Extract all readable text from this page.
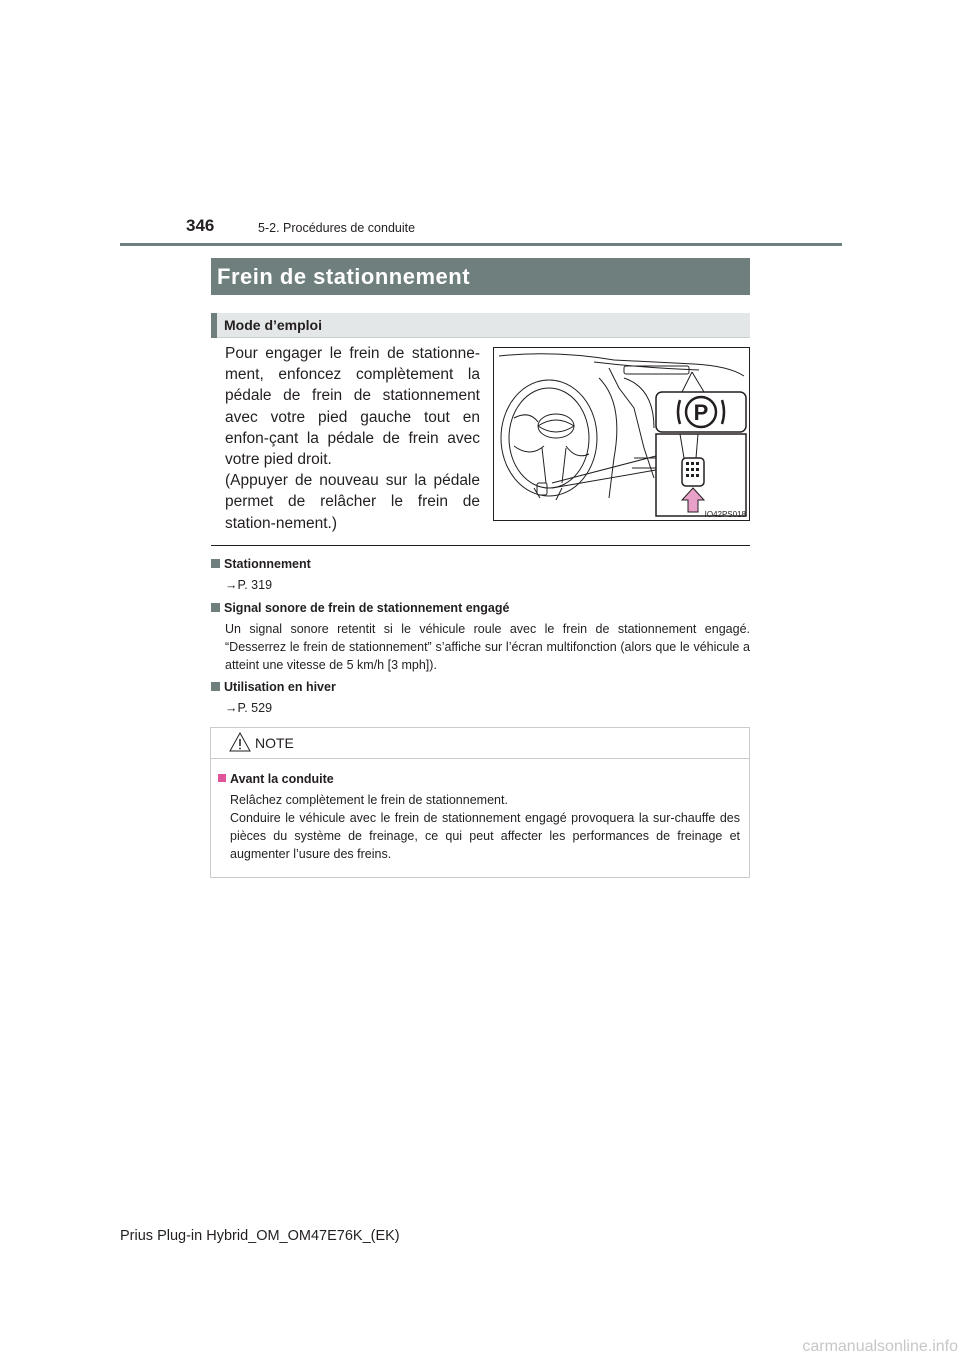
346	5-2. Procédures de conduite
Frein de stationnement
Mode d’emploi
Pour engager le frein de stationne-ment, enfoncez complètement la pédale de frein de stationnement avec votre pied gauche tout en enfon-çant la pédale de frein avec votre pied droit.
(Appuyer de nouveau sur la pédale permet de relâcher le frein de station-nement.)
P
IO42PS018
Stationnement
→P. 319
Signal sonore de frein de stationnement engagé
Un signal sonore retentit si le véhicule roule avec le frein de stationnement engagé. “Desserrez le frein de stationnement” s’affiche sur l’écran multifonction (alors que le véhicule a atteint une vitesse de 5 km/h [3 mph]).
Utilisation en hiver
→P. 529
NOTE
Avant la conduite
Relâchez complètement le frein de stationnement.
Conduire le véhicule avec le frein de stationnement engagé provoquera la sur-chauffe des pièces du système de freinage, ce qui peut affecter les performances de freinage et augmenter l’usure des freins.
Prius Plug-in Hybrid_OM_OM47E76K_(EK)
carmanualsonline.info
